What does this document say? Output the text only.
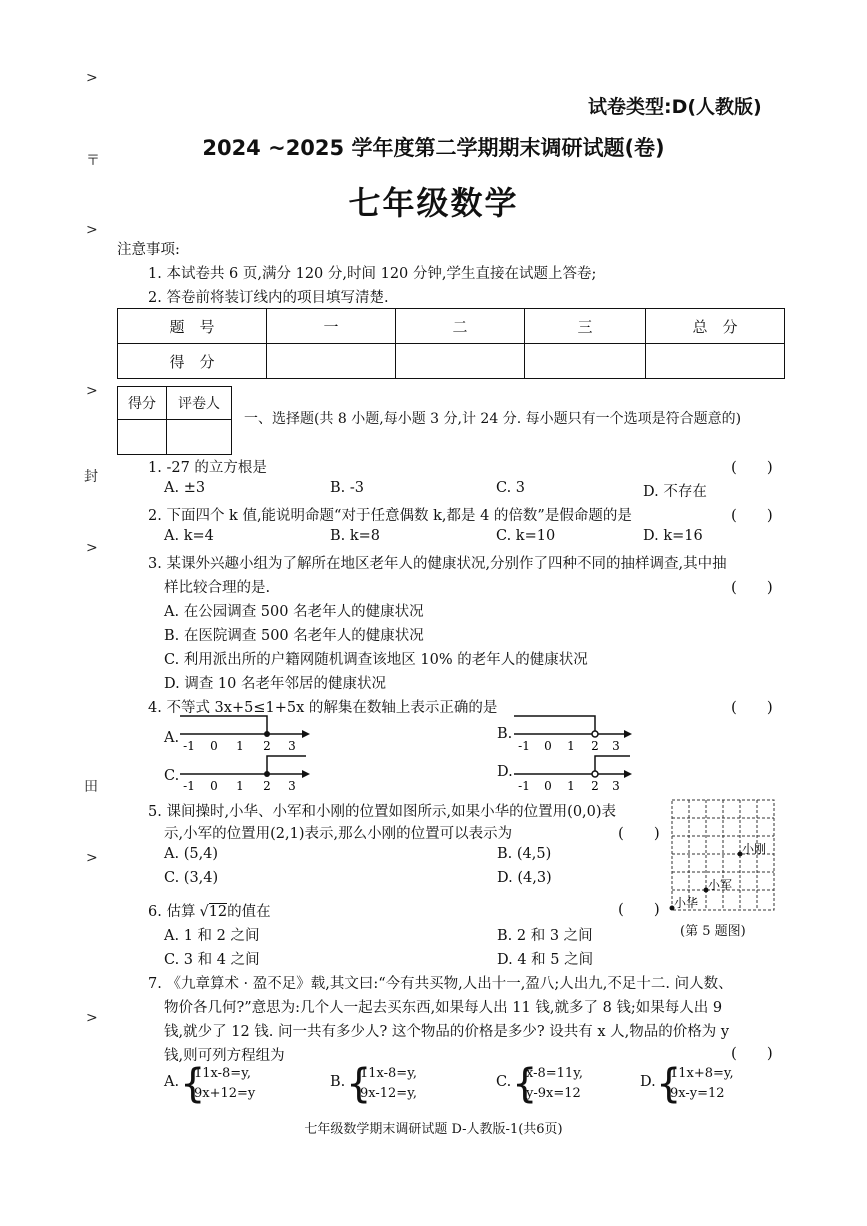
>
〒
>
>
封
>
田
>
>
试卷类型:D(人教版)
2024 ~2025 学年度第二学期期末调研试题(卷)
七年级数学
注意事项:
1. 本试卷共 6 页,满分 120 分,时间 120 分钟,学生直接在试题上答卷;
2. 答卷前将装订线内的项目填写清楚.
题　号	一	二	三	总　分
得　分				
得分	评卷人

一、选择题(共 8 小题,每小题 3 分,计 24 分. 每小题只有一个选项是符合题意的)
1. -27 的立方根是	(　　)
A. ±3	B. -3	C. 3	D. 不存在
2. 下面四个 k 值,能说明命题“对于任意偶数 k,都是 4 的倍数”是假命题的是	(　　)
A. k=4	B. k=8	C. k=10	D. k=16
3. 某课外兴趣小组为了解所在地区老年人的健康状况,分别作了四种不同的抽样调查,其中抽
样比较合理的是.	(　　)
A. 在公园调查 500 名老年人的健康状况
B. 在医院调查 500 名老年人的健康状况
C. 利用派出所的户籍网随机调查该地区 10% 的老年人的健康状况
D. 调查 10 名老年邻居的健康状况
4. 不等式 3x+5≤1+5x 的解集在数轴上表示正确的是	(　　)
A.	B.
C.	D.
-1 0 1 2 3	-1 0 1 2 3
-1 0 1 2 3	-1 0 1 2 3
5. 课间操时,小华、小军和小刚的位置如图所示,如果小华的位置用(0,0)表
示,小军的位置用(2,1)表示,那么小刚的位置可以表示为	(　　)
A. (5,4)	B. (4,5)
C. (3,4)	D. (4,3)
小刚
小军
小华
(第 5 题图)
6. 估算 √12的值在	(　　)
A. 1 和 2 之间	B. 2 和 3 之间
C. 3 和 4 之间	D. 4 和 5 之间
7. 《九章算术 · 盈不足》载,其文曰:“今有共买物,人出十一,盈八;人出九,不足十二. 问人数、
物价各几何?”意思为:几个人一起去买东西,如果每人出 11 钱,就多了 8 钱;如果每人出 9
钱,就少了 12 钱. 问一共有多少人? 这个物品的价格是多少? 设共有 x 人,物品的价格为 y
钱,则可列方程组为	(　　)
A. {
11x-8=y,
9x+12=y
B. {
11x-8=y,
9x-12=y,
C. {
x-8=11y,
y-9x=12
D. {
11x+8=y,
9x-y=12
七年级数学期末调研试题 D-人教版-1(共6页)
